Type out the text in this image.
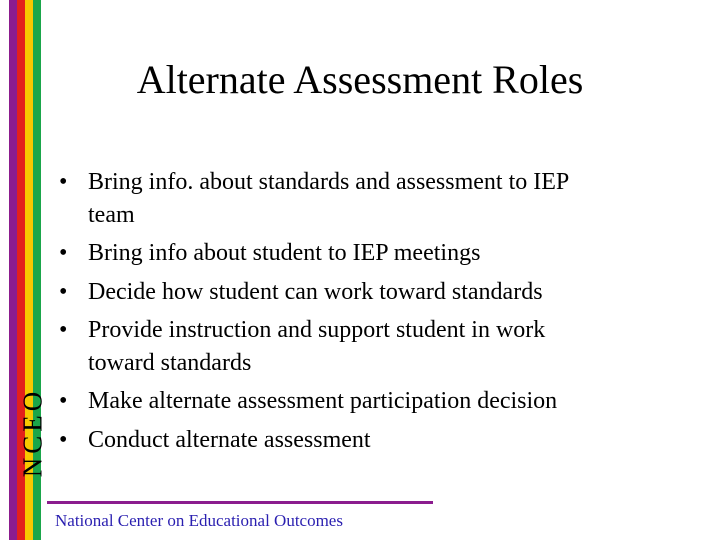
NCEO
Alternate Assessment Roles
• Bring info. about standards and assessment to IEP
team
• Bring info about student to IEP meetings
• Decide how student can work toward standards
• Provide instruction and support student in work
toward standards
• Make alternate assessment participation decision
• Conduct alternate assessment
National Center on Educational Outcomes
